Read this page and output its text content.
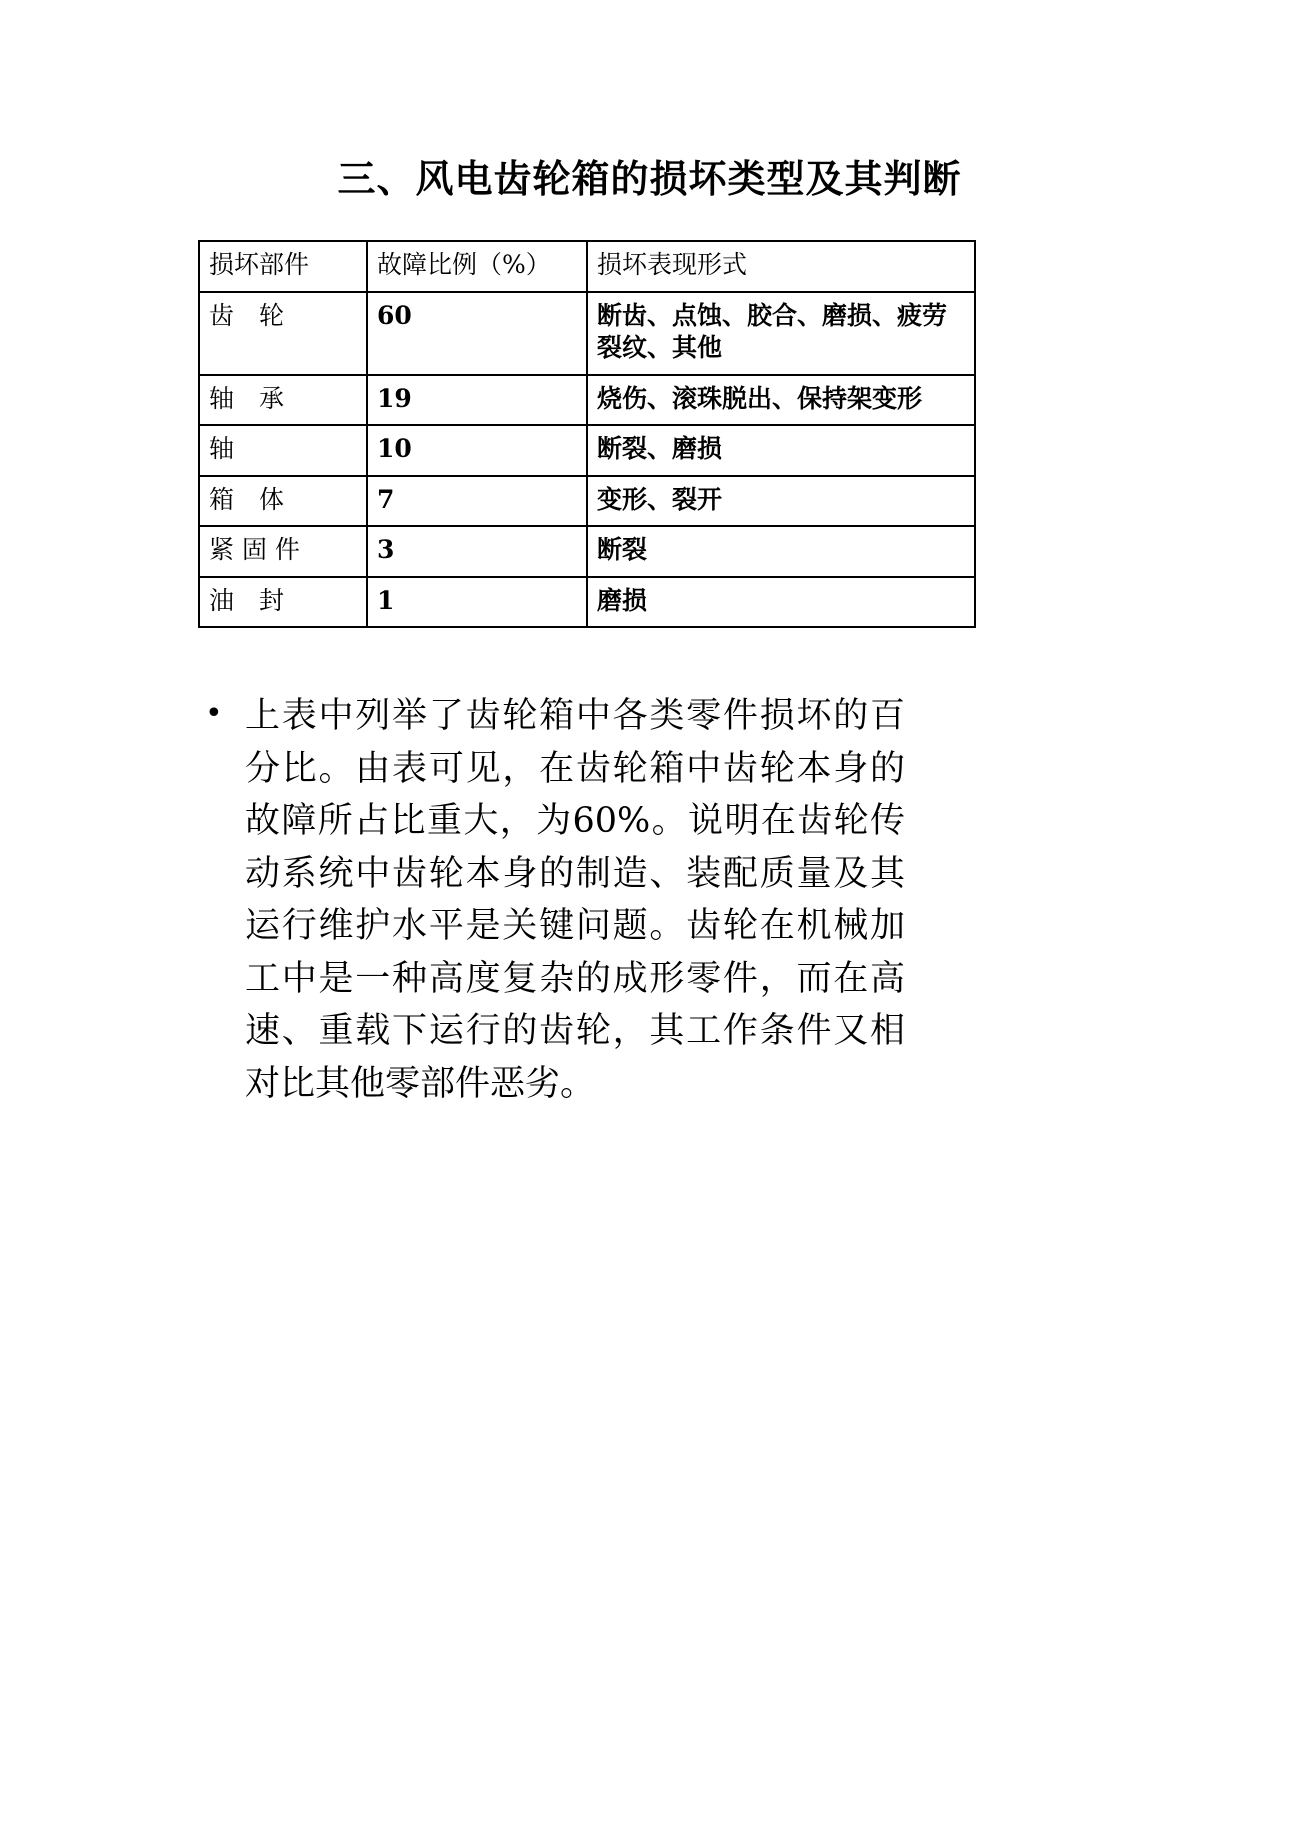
三、风电齿轮箱的损坏类型及其判断
损坏部件	故障比例（%）	损坏表现形式
齿　轮	60	断齿、点蚀、胶合、磨损、疲劳裂纹、其他
轴　承	19	烧伤、滚珠脱出、保持架变形
轴	10	断裂、磨损
箱　体	7	变形、裂开
紧 固 件	3	断裂
油　封	1	磨损
• 上表中列举了齿轮箱中各类零件损坏的百分比。由表可见，在齿轮箱中齿轮本身的故障所占比重大，为60%。说明在齿轮传动系统中齿轮本身的制造、装配质量及其运行维护水平是关键问题。齿轮在机械加工中是一种高度复杂的成形零件，而在高速、重载下运行的齿轮，其工作条件又相对比其他零部件恶劣。
